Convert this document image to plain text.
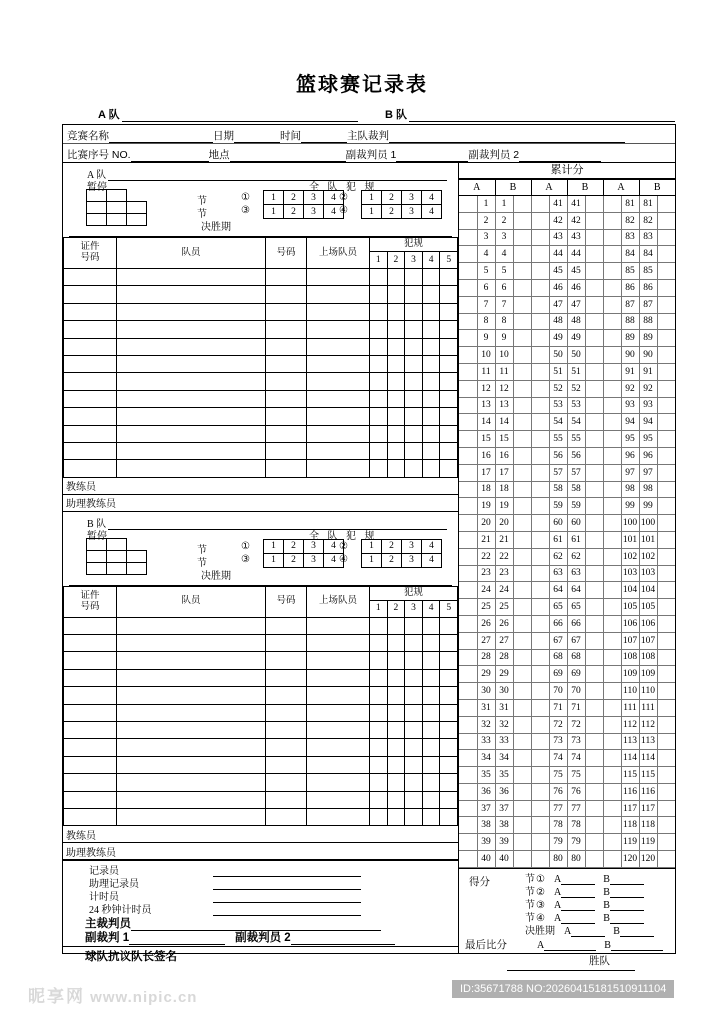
篮球赛记录表
A 队	B 队
竞赛名称	日期	时间	主队裁判
比赛序号 NO.	地点	副裁判员 1	副裁判员 2
A 队
暂停
节
节
决胜期
①
③
②
④
全 队 犯 规
1	2	3	4
1	2	3	4
1	2	3	4
1	2	3	4
证件
号码	队员	号码	上场队员	犯规				
				1	2	3	4	5

教练员
助理教练员
B 队
暂停
节
节
决胜期
①
③
②
④
全 队 犯 规
1	2	3	4
1	2	3	4
1	2	3	4
1	2	3	4
证件
号码	队员	号码	上场队员	犯规				
				1	2	3	4	5

教练员
助理教练员
记录员
助理记录员
计时员
24 秒钟计时员
主裁判员
副裁判 1	副裁判员 2
球队抗议队长签名
累计分
A		B		A		B		A		B	
	1	1			41	41			81	81	
	2	2			42	42			82	82	
	3	3			43	43			83	83	
	4	4			44	44			84	84	
	5	5			45	45			85	85	
	6	6			46	46			86	86	
	7	7			47	47			87	87	
	8	8			48	48			88	88	
	9	9			49	49			89	89	
	10	10			50	50			90	90	
	11	11			51	51			91	91	
	12	12			52	52			92	92	
	13	13			53	53			93	93	
	14	14			54	54			94	94	
	15	15			55	55			95	95	
	16	16			56	56			96	96	
	17	17			57	57			97	97	
	18	18			58	58			98	98	
	19	19			59	59			99	99	
	20	20			60	60			100	100	
	21	21			61	61			101	101	
	22	22			62	62			102	102	
	23	23			63	63			103	103	
	24	24			64	64			104	104	
	25	25			65	65			105	105	
	26	26			66	66			106	106	
	27	27			67	67			107	107	
	28	28			68	68			108	108	
	29	29			69	69			109	109	
	30	30			70	70			110	110	
	31	31			71	71			111	111	
	32	32			72	72			112	112	
	33	33			73	73			113	113	
	34	34			74	74			114	114	
	35	35			75	75			115	115	
	36	36			76	76			116	116	
	37	37			77	77			117	117	
	38	38			78	78			118	118	
	39	39			79	79			119	119	
	40	40			80	80			120	120	
得分
最后比分
节 ① A	B
节 ② A	B
节 ③ A	B
节 ④ A	B
决胜期 A	B
A	B
胜队
昵享网 www.nipic.cn	ID:35671788 NO:20260415181510911104
